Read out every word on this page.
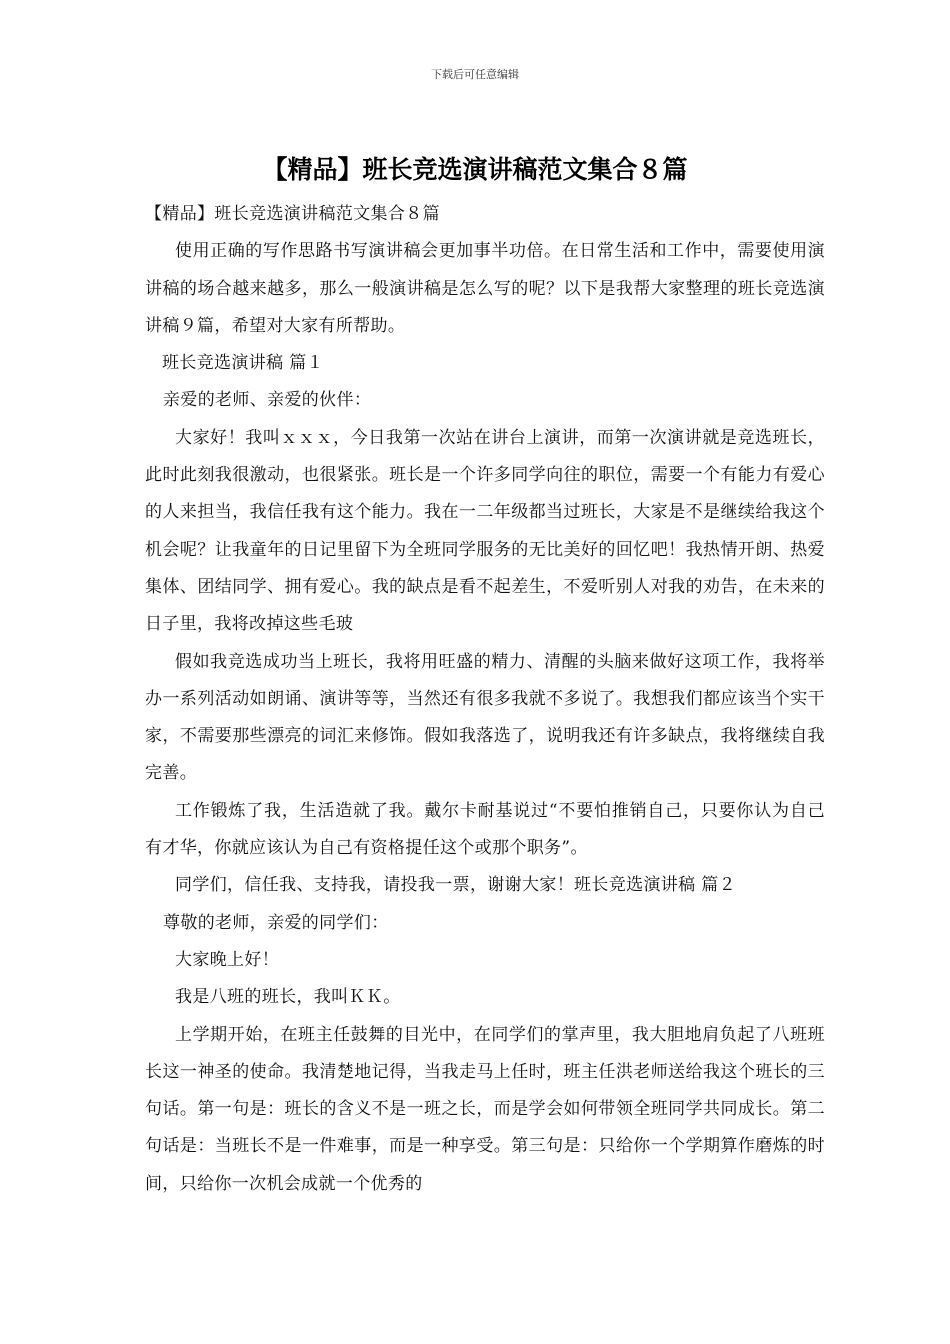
下载后可任意编辑
【精品】班长竞选演讲稿范文集合８篇

【精品】班长竞选演讲稿范文集合８篇

使用正确的写作思路书写演讲稿会更加事半功倍。在日常生活和工作中，需要使用演讲稿的场合越来越多，那么一般演讲稿是怎么写的呢？以下是我帮大家整理的班长竞选演讲稿９篇，希望对大家有所帮助。

班长竞选演讲稿 篇１

亲爱的老师、亲爱的伙伴：

大家好！我叫ｘｘｘ，今日我第一次站在讲台上演讲，而第一次演讲就是竞选班长，此时此刻我很激动，也很紧张。班长是一个许多同学向往的职位，需要一个有能力有爱心的人来担当，我信任我有这个能力。我在一二年级都当过班长，大家是不是继续给我这个机会呢？让我童年的日记里留下为全班同学服务的无比美好的回忆吧！我热情开朗、热爱集体、团结同学、拥有爱心。我的缺点是看不起差生，不爱听别人对我的劝告，在未来的日子里，我将改掉这些毛玻

假如我竞选成功当上班长，我将用旺盛的精力、清醒的头脑来做好这项工作，我将举办一系列活动如朗诵、演讲等等，当然还有很多我就不多说了。我想我们都应该当个实干家，不需要那些漂亮的词汇来修饰。假如我落选了，说明我还有许多缺点，我将继续自我完善。

工作锻炼了我，生活造就了我。戴尔卡耐基说过“不要怕推销自己，只要你认为自己有才华，你就应该认为自己有资格提任这个或那个职务”。

同学们，信任我、支持我，请投我一票，谢谢大家！班长竞选演讲稿 篇２

尊敬的老师，亲爱的同学们：

大家晚上好！

我是八班的班长，我叫ＫＫ。

上学期开始，在班主任鼓舞的目光中，在同学们的掌声里，我大胆地肩负起了八班班长这一神圣的使命。我清楚地记得，当我走马上任时，班主任洪老师送给我这个班长的三句话。第一句是：班长的含义不是一班之长，而是学会如何带领全班同学共同成长。第二句话是：当班长不是一件难事，而是一种享受。第三句是：只给你一个学期算作磨炼的时间，只给你一次机会成就一个优秀的
